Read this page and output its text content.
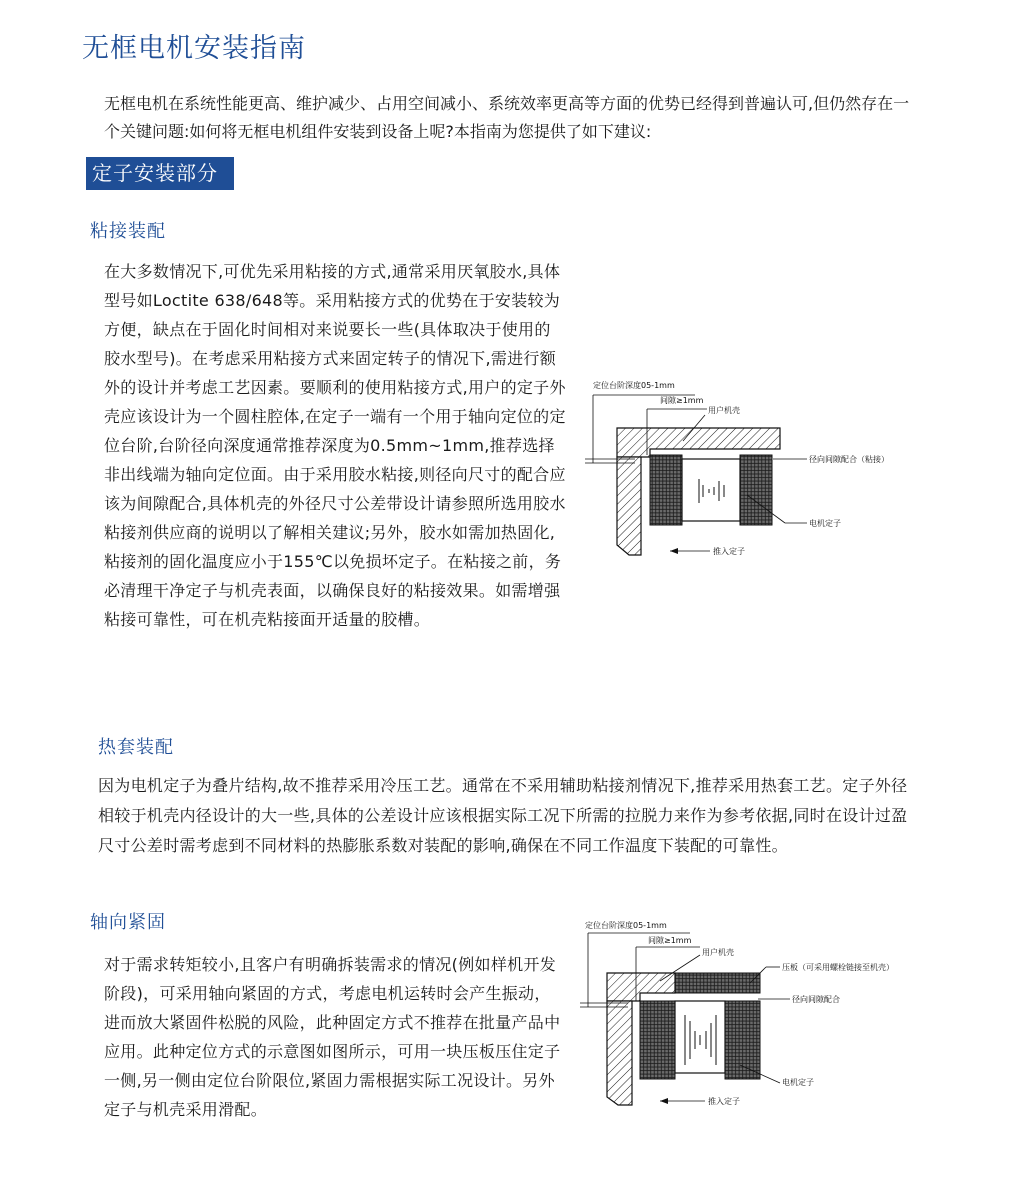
无框电机安装指南

无框电机在系统性能更高、维护减少、占用空间减小、系统效率更高等方面的优势已经得到普遍认可,但仍然存在一个关键问题:如何将无框电机组件安装到设备上呢?本指南为您提供了如下建议:

定子安装部分
粘接装配

在大多数情况下,可优先采用粘接的方式,通常采用厌氧胶水,具体型号如Loctite 638/648等。采用粘接方式的优势在于安装较为方便，缺点在于固化时间相对来说要长一些(具体取决于使用的胶水型号)。在考虑采用粘接方式来固定转子的情况下,需进行额外的设计并考虑工艺因素。要顺利的使用粘接方式,用户的定子外壳应该设计为一个圆柱腔体,在定子一端有一个用于轴向定位的定位台阶,台阶径向深度通常推荐深度为0.5mm~1mm,推荐选择非出线端为轴向定位面。由于采用胶水粘接,则径向尺寸的配合应该为间隙配合,具体机壳的外径尺寸公差带设计请参照所选用胶水粘接剂供应商的说明以了解相关建议;另外，胶水如需加热固化,粘接剂的固化温度应小于155℃以免损坏定子。在粘接之前，务必清理干净定子与机壳表面，以确保良好的粘接效果。如需增强粘接可靠性，可在机壳粘接面开适量的胶槽。

定位台阶深度05-1mm
间隙≥1mm
用户机壳
径向间隙配合（粘接）
电机定子
推入定子
热套装配

因为电机定子为叠片结构,故不推荐采用冷压工艺。通常在不采用辅助粘接剂情况下,推荐采用热套工艺。定子外径相较于机壳内径设计的大一些,具体的公差设计应该根据实际工况下所需的拉脱力来作为参考依据,同时在设计过盈尺寸公差时需考虑到不同材料的热膨胀系数对装配的影响,确保在不同工作温度下装配的可靠性。

轴向紧固

对于需求转矩较小,且客户有明确拆装需求的情况(例如样机开发阶段)，可采用轴向紧固的方式，考虑电机运转时会产生振动，进而放大紧固件松脱的风险，此种固定方式不推荐在批量产品中应用。此种定位方式的示意图如图所示，可用一块压板压住定子一侧,另一侧由定位台阶限位,紧固力需根据实际工况设计。另外定子与机壳采用滑配。

定位台阶深度05-1mm
间隙≥1mm
用户机壳
压板（可采用螺栓链接至机壳）
径向间隙配合
电机定子
推入定子
